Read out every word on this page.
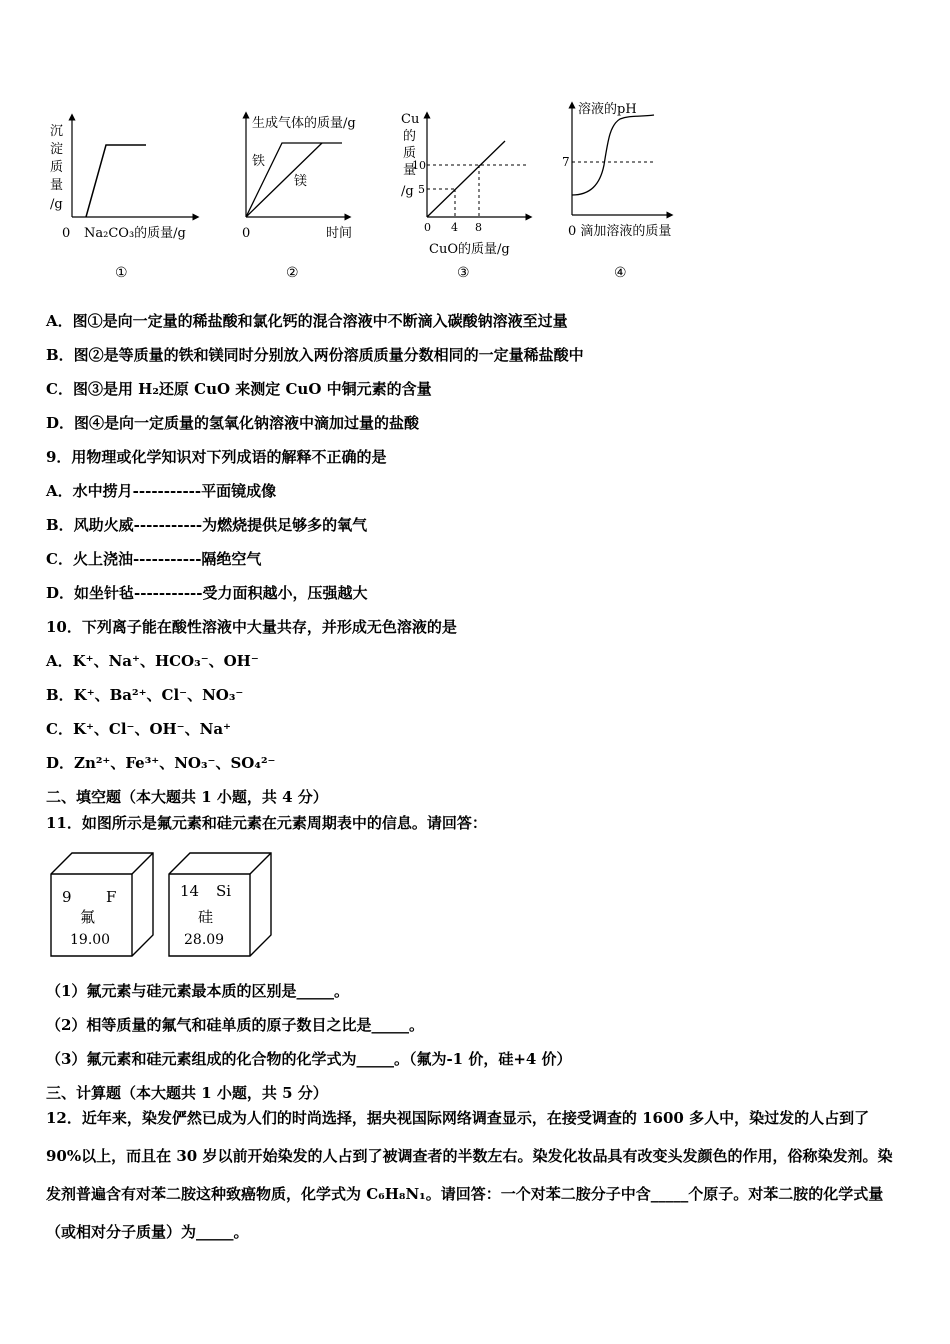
沉
淀
质
量
/g
0 Na₂CO₃的质量/g
①
生成气体的质量/g
铁
镁
0	时间
②
Cu
的
质
量
/g
10
5
0 4 8
CuO的质量/g
③
溶液的pH
7
0 滴加溶液的质量
④
A．图①是向一定量的稀盐酸和氯化钙的混合溶液中不断滴入碳酸钠溶液至过量
B．图②是等质量的铁和镁同时分别放入两份溶质质量分数相同的一定量稀盐酸中
C．图③是用 H₂还原 CuO 来测定 CuO 中铜元素的含量
D．图④是向一定质量的氢氧化钠溶液中滴加过量的盐酸
9．用物理或化学知识对下列成语的解释不正确的是
A．水中捞月-----------平面镜成像
B．风助火威-----------为燃烧提供足够多的氧气
C．火上浇油-----------隔绝空气
D．如坐针毡-----------受力面积越小，压强越大
10．下列离子能在酸性溶液中大量共存，并形成无色溶液的是
A．K⁺、Na⁺、HCO₃⁻、OH⁻
B．K⁺、Ba²⁺、Cl⁻、NO₃⁻
C．K⁺、Cl⁻、OH⁻、Na⁺
D．Zn²⁺、Fe³⁺、NO₃⁻、SO₄²⁻
二、填空题（本大题共 1 小题，共 4 分）
11．如图所示是氟元素和硅元素在元素周期表中的信息。请回答：
9 F
氟
19.00
14 Si
硅
28.09
（1）氟元素与硅元素最本质的区别是_____。
（2）相等质量的氟气和硅单质的原子数目之比是_____。
（3）氟元素和硅元素组成的化合物的化学式为_____。（氟为-1 价，硅+4 价）
三、计算题（本大题共 1 小题，共 5 分）
12．近年来，染发俨然已成为人们的时尚选择，据央视国际网络调查显示，在接受调查的 1600 多人中，染过发的人占到了 90%以上，而且在 30 岁以前开始染发的人占到了被调查者的半数左右。染发化妆品具有改变头发颜色的作用，俗称染发剂。染发剂普遍含有对苯二胺这种致癌物质，化学式为 C₆H₈N₁。请回答：一个对苯二胺分子中含_____个原子。对苯二胺的化学式量（或相对分子质量）为_____。
